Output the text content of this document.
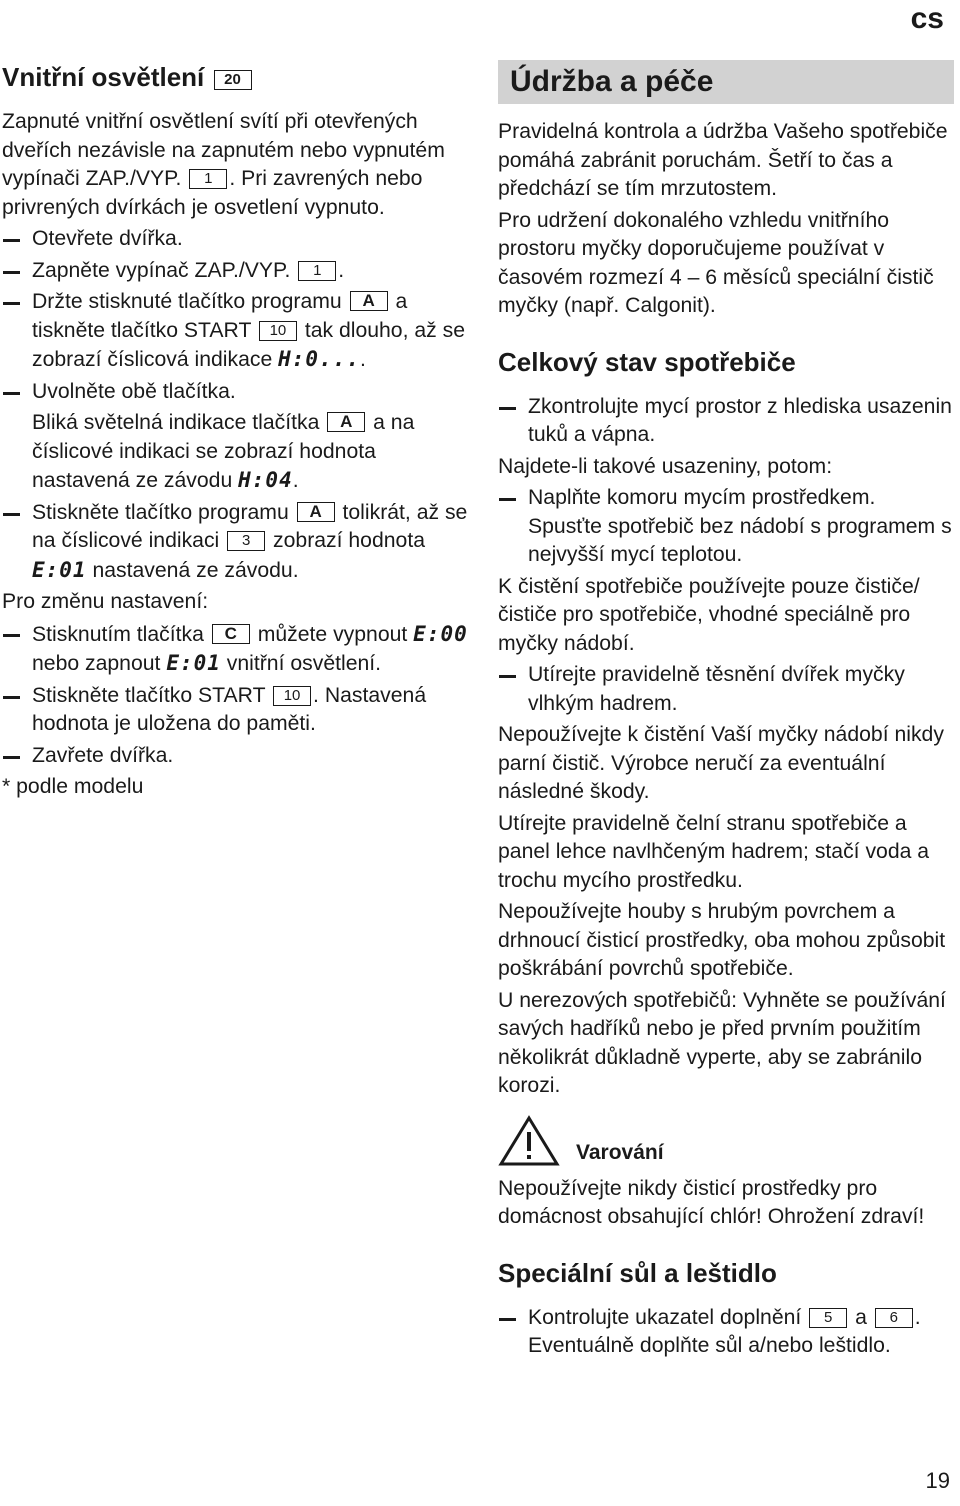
cs
Vnitřní osvětlení 20
Zapnuté vnitřní osvětlení svítí při otevřených dveřích nezávisle na zapnutém nebo vypnutém vypínači ZAP./VYP. 1 . Pri zavrených nebo privrených dvírkách je osvetlení vypnuto.
Otevřete dvířka.
Zapněte vypínač ZAP./VYP. 1 .
Držte stisknuté tlačítko programu A a tiskněte tlačítko START 10 tak dlouho, až se zobrazí číslicová indikace H:0....
Uvolněte obě tlačítka.
Bliká světelná indikace tlačítka A a na číslicové indikaci se zobrazí hodnota nastavená ze závodu H:04.
Stiskněte tlačítko programu A tolikrát, až se na číslicové indikaci 3 zobrazí hodnota E:01 nastavená ze závodu.
Pro změnu nastavení:
Stisknutím tlačítka C můžete vypnout E:00 nebo zapnout E:01 vnitřní osvětlení.
Stiskněte tlačítko START 10 . Nastavená hodnota je uložena do paměti.
Zavřete dvířka.
* podle modelu
Údržba a péče
Pravidelná kontrola a údržba Vašeho spotřebiče pomáhá zabránit poruchám. Šetří to čas a předchází se tím mrzutostem.
Pro udržení dokonalého vzhledu vnitřního prostoru myčky doporučujeme používat v časovém rozmezí 4 – 6 měsíců speciální čistič myčky (např. Calgonit).
Celkový stav spotřebiče
Zkontrolujte mycí prostor z hlediska usazenin tuků a vápna.
Najdete-li takové usazeniny, potom:
Naplňte komoru mycím prostředkem. Spusťte spotřebič bez nádobí s programem s nejvyšší mycí teplotou.
K čistění spotřebiče používejte pouze čističe/čističe pro spotřebiče, vhodné speciálně pro myčky nádobí.
Utírejte pravidelně těsnění dvířek myčky vlhkým hadrem.
Nepoužívejte k čistění Vaší myčky nádobí nikdy parní čistič. Výrobce neručí za eventuální následné škody.
Utírejte pravidelně čelní stranu spotřebiče a panel lehce navlhčeným hadrem; stačí voda a trochu mycího prostředku.
Nepoužívejte houby s hrubým povrchem a drhnoucí čisticí prostředky, oba mohou způsobit poškrábání povrchů spotřebiče.
U nerezových spotřebičů: Vyhněte se používání savých hadříků nebo je před prvním použitím několikrát důkladně vyperte, aby se zabránilo korozi.
Varování
Nepoužívejte nikdy čisticí prostředky pro domácnost obsahující chlór! Ohrožení zdraví!
Speciální sůl a leštidlo
Kontrolujte ukazatel doplnění 5 a 6 . Eventuálně doplňte sůl a/nebo leštidlo.
19
